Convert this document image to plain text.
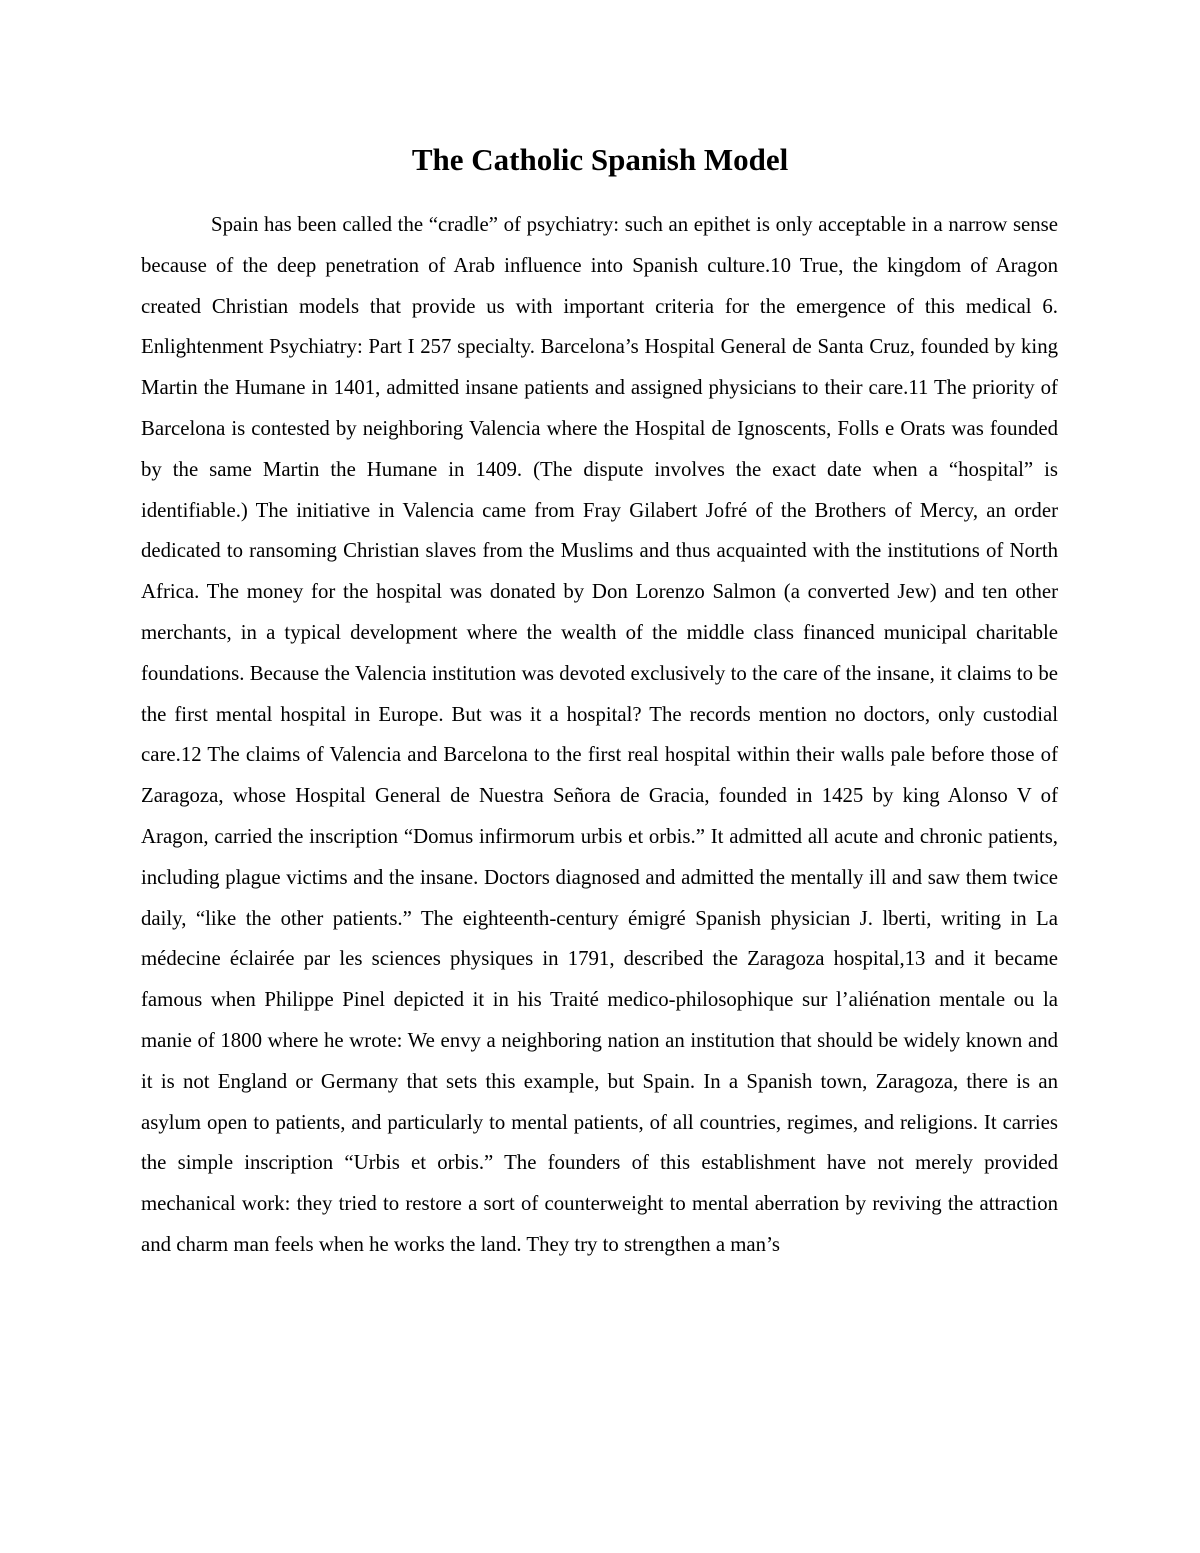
The Catholic Spanish Model

Spain has been called the “cradle” of psychiatry: such an epithet is only acceptable in a narrow sense because of the deep penetration of Arab influence into Spanish culture.10 True, the kingdom of Aragon created Christian models that provide us with important criteria for the emergence of this medical 6. Enlightenment Psychiatry: Part I 257 specialty. Barcelona’s Hospital General de Santa Cruz, founded by king Martin the Humane in 1401, admitted insane patients and assigned physicians to their care.11 The priority of Barcelona is contested by neighboring Valencia where the Hospital de Ignoscents, Folls e Orats was founded by the same Martin the Humane in 1409. (The dispute involves the exact date when a “hospital” is identifiable.) The initiative in Valencia came from Fray Gilabert Jofré of the Brothers of Mercy, an order dedicated to ransoming Christian slaves from the Muslims and thus acquainted with the institutions of North Africa. The money for the hospital was donated by Don Lorenzo Salmon (a converted Jew) and ten other merchants, in a typical development where the wealth of the middle class financed municipal charitable foundations. Because the Valencia institution was devoted exclusively to the care of the insane, it claims to be the first mental hospital in Europe. But was it a hospital? The records mention no doctors, only custodial care.12 The claims of Valencia and Barcelona to the first real hospital within their walls pale before those of Zaragoza, whose Hospital General de Nuestra Señora de Gracia, founded in 1425 by king Alonso V of Aragon, carried the inscription “Domus infirmorum urbis et orbis.” It admitted all acute and chronic patients, including plague victims and the insane. Doctors diagnosed and admitted the mentally ill and saw them twice daily, “like the other patients.” The eighteenth-century émigré Spanish physician J. lberti, writing in La médecine éclairée par les sciences physiques in 1791, described the Zaragoza hospital,13 and it became famous when Philippe Pinel depicted it in his Traité medico-philosophique sur l’aliénation mentale ou la manie of 1800 where he wrote: We envy a neighboring nation an institution that should be widely known and it is not England or Germany that sets this example, but Spain. In a Spanish town, Zaragoza, there is an asylum open to patients, and particularly to mental patients, of all countries, regimes, and religions. It carries the simple inscription “Urbis et orbis.” The founders of this establishment have not merely provided mechanical work: they tried to restore a sort of counterweight to mental aberration by reviving the attraction and charm man feels when he works the land. They try to strengthen a man’s
